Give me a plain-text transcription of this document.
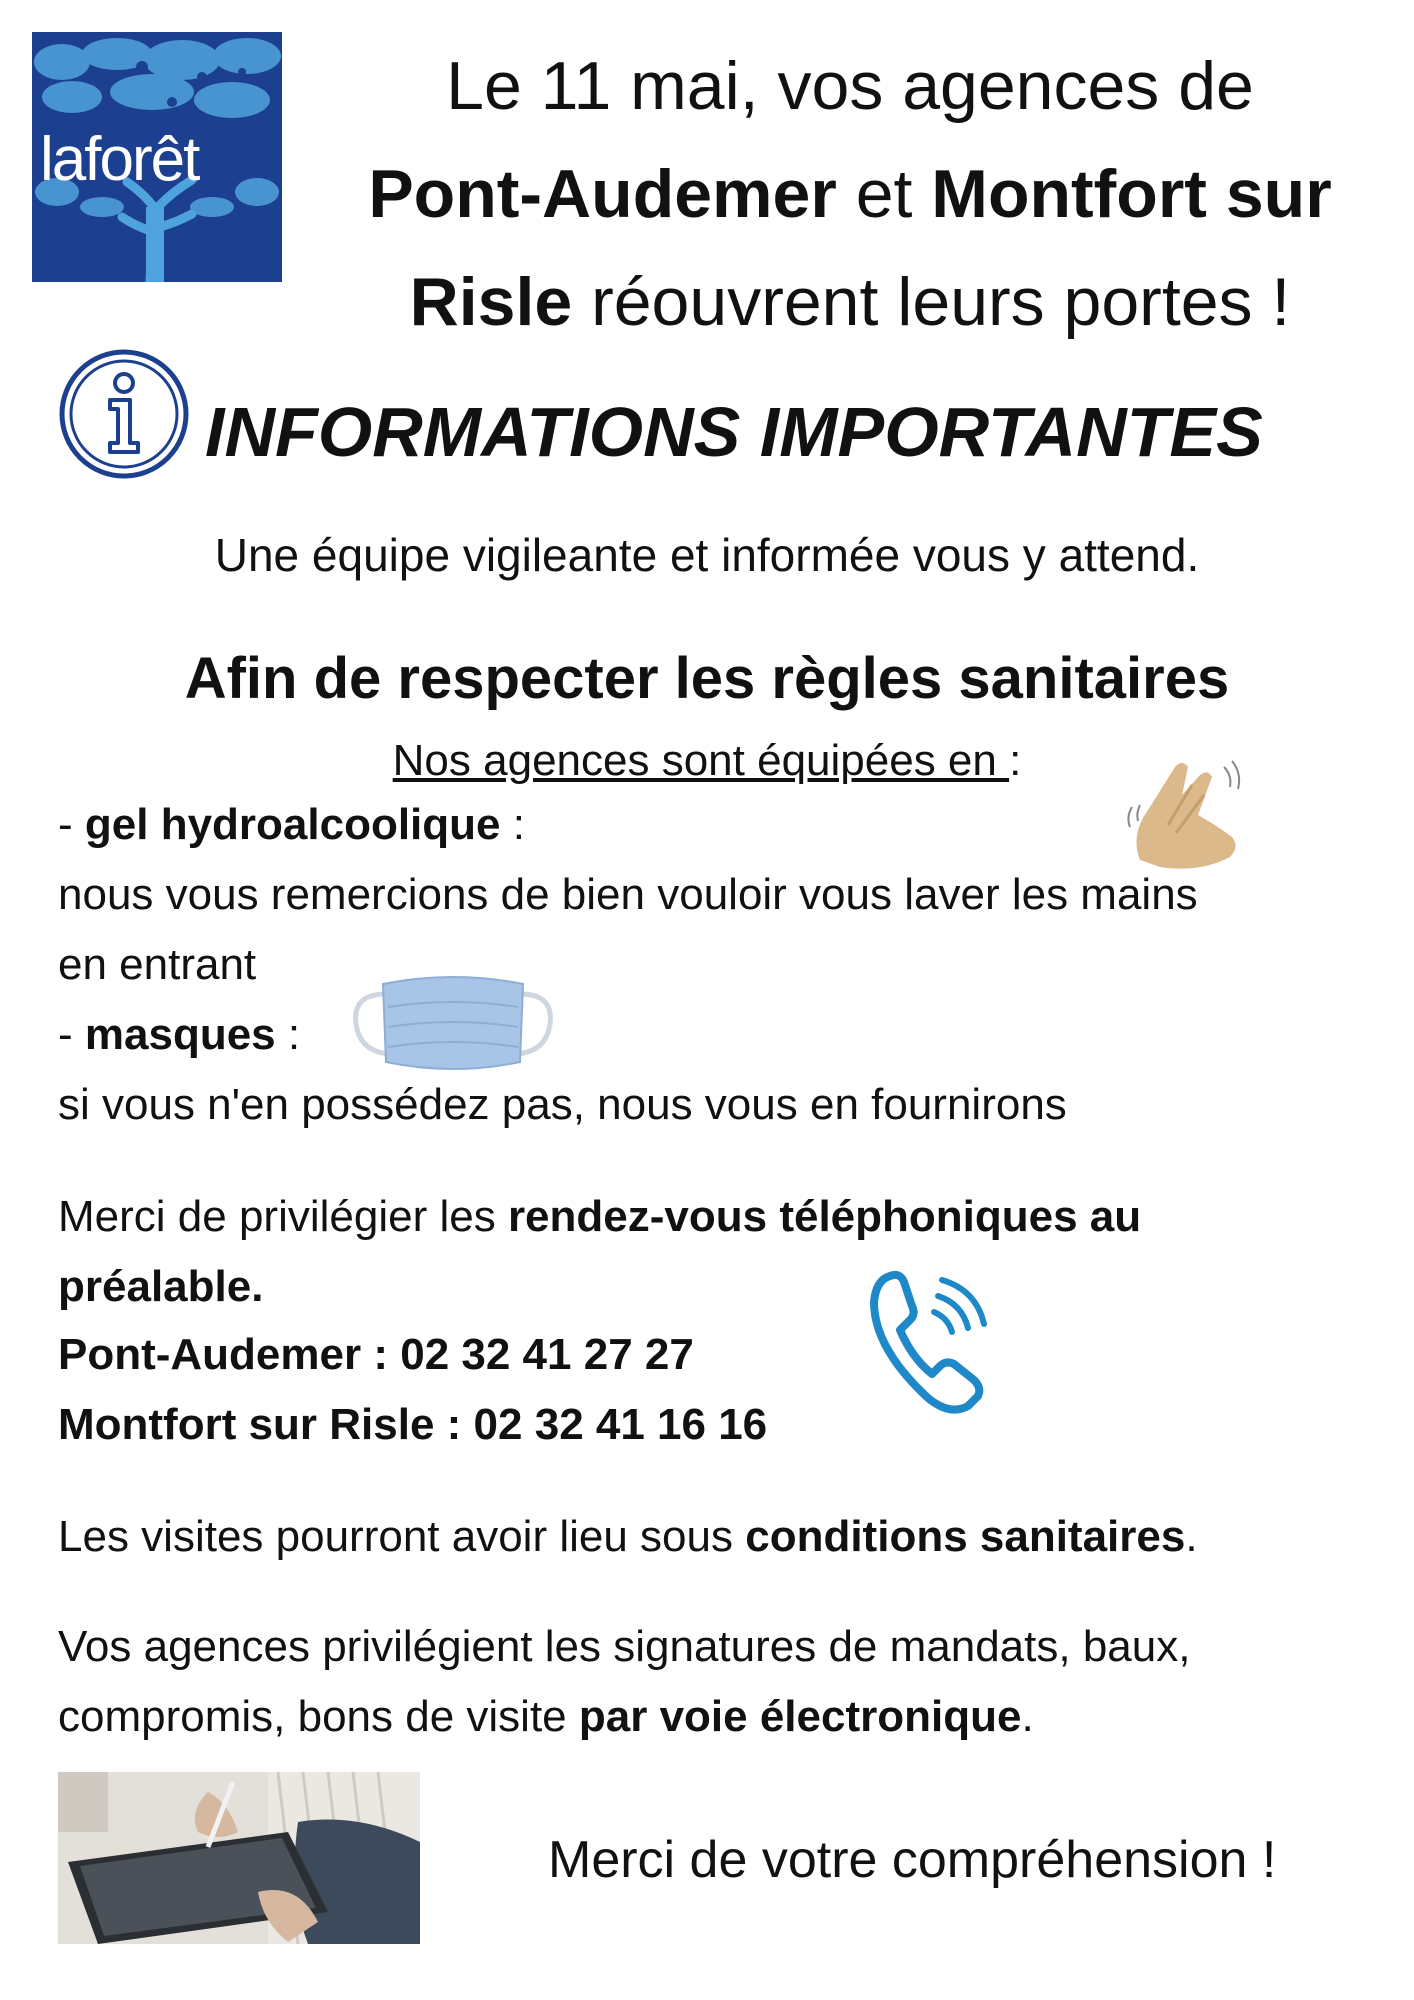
laforêt
Le 11 mai, vos agences de
Pont-Audemer et Montfort sur
Risle réouvrent leurs portes !
INFORMATIONS IMPORTANTES
Une équipe vigileante et informée vous y attend.
Afin de respecter les règles sanitaires
Nos agences sont équipées en :
- gel hydroalcoolique :
nous vous remercions de bien vouloir vous laver les mains
en entrant
- masques :
si vous n'en possédez pas, nous vous en fournirons
Merci de privilégier les rendez-vous téléphoniques au
préalable.
Pont-Audemer : 02 32 41 27 27
Montfort sur Risle : 02 32 41 16 16
Les visites pourront avoir lieu sous conditions sanitaires.
Vos agences privilégient les signatures de mandats, baux,
compromis, bons de visite par voie électronique.
Merci de votre compréhension !
